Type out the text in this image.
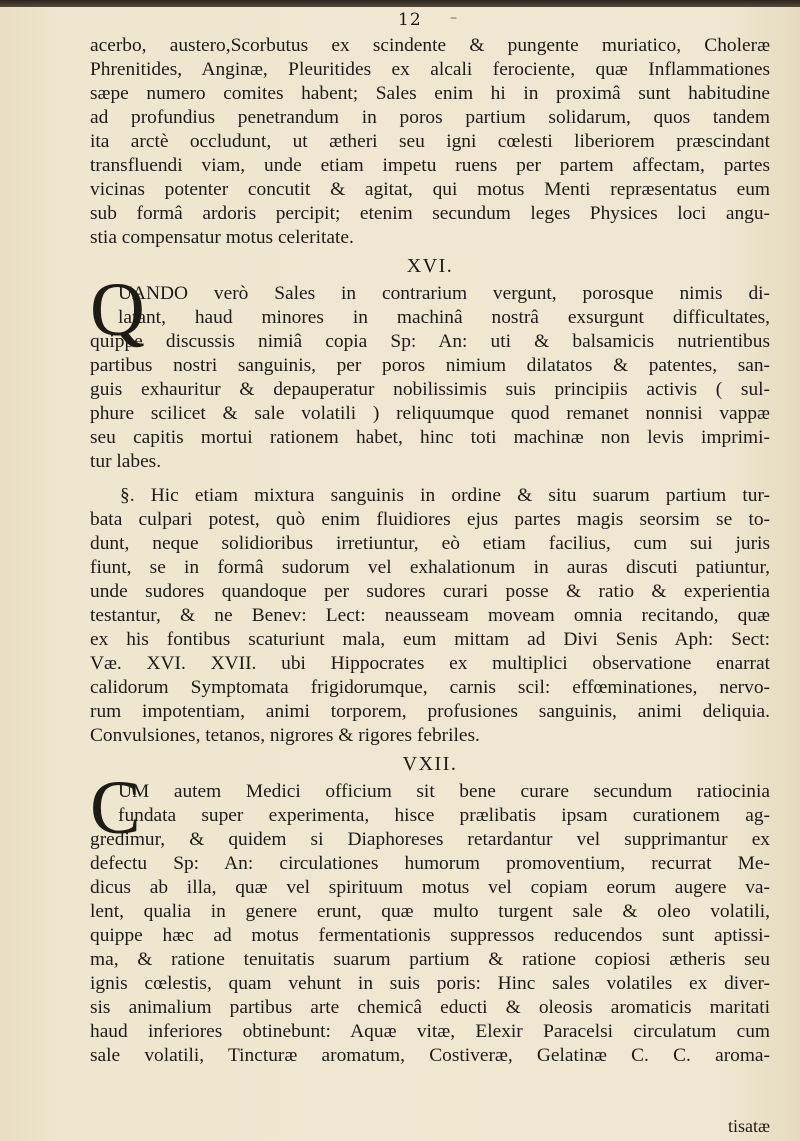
12 –
acerbo, austero,Scorbutus ex scindente & pungente muriatico, Choleræ
Phrenitides, Anginæ, Pleuritides ex alcali ferociente, quæ Inflammationes
sæpe numero comites habent; Sales enim hi in proximâ sunt habitudine
ad profundius penetrandum in poros partium solidarum, quos tandem
ita arctè occludunt, ut ætheri seu igni cœlesti liberiorem præscindant
transfluendi viam, unde etiam impetu ruens per partem affectam, partes
vicinas potenter concutit & agitat, qui motus Menti repræsentatus eum
sub formâ ardoris percipit; etenim secundum leges Physices loci angu-
stia compensatur motus celeritate.
XVI.
Q
UANDO verò Sales in contrarium vergunt, porosque nimis di-
latant, haud minores in machinâ nostrâ exsurgunt difficultates,
quippe discussis nimiâ copia Sp: An: uti & balsamicis nutrientibus
partibus nostri sanguinis, per poros nimium dilatatos & patentes, san-
guis exhauritur & depauperatur nobilissimis suis principiis activis ( sul-
phure scilicet & sale volatili ) reliquumque quod remanet nonnisi vappæ
seu capitis mortui rationem habet, hinc toti machinæ non levis imprimi-
tur labes.
§. Hic etiam mixtura sanguinis in ordine & situ suarum partium tur-
bata culpari potest, quò enim fluidiores ejus partes magis seorsim se to-
dunt, neque solidioribus irretiuntur, eò etiam facilius, cum sui juris
fiunt, se in formâ sudorum vel exhalationum in auras discuti patiuntur,
unde sudores quandoque per sudores curari posse & ratio & experientia
testantur, & ne Benev: Lect: neausseam moveam omnia recitando, quæ
ex his fontibus scaturiunt mala, eum mittam ad Divi Senis Aph: Sect:
Væ. XVI. XVII. ubi Hippocrates ex multiplici observatione enarrat
calidorum Symptomata frigidorumque, carnis scil: effœminationes, nervo-
rum impotentiam, animi torporem, profusiones sanguinis, animi deliquia.
Convulsiones, tetanos, nigrores & rigores febriles.
VXII.
C
UM autem Medici officium sit bene curare secundum ratiocinia
fundata super experimenta, hisce prælibatis ipsam curationem ag-
gredimur, & quidem si Diaphoreses retardantur vel supprimantur ex
defectu Sp: An: circulationes humorum promoventium, recurrat Me-
dicus ab illa, quæ vel spirituum motus vel copiam eorum augere va-
lent, qualia in genere erunt, quæ multo turgent sale & oleo volatili,
quippe hæc ad motus fermentationis suppressos reducendos sunt aptissi-
ma, & ratione tenuitatis suarum partium & ratione copiosi ætheris seu
ignis cœlestis, quam vehunt in suis poris: Hinc sales volatiles ex diver-
sis animalium partibus arte chemicâ educti & oleosis aromaticis maritati
haud inferiores obtinebunt: Aquæ vitæ, Elexir Paracelsi circulatum cum
sale volatili, Tincturæ aromatum, Costiveræ, Gelatinæ C. C. aroma-
tisatæ
